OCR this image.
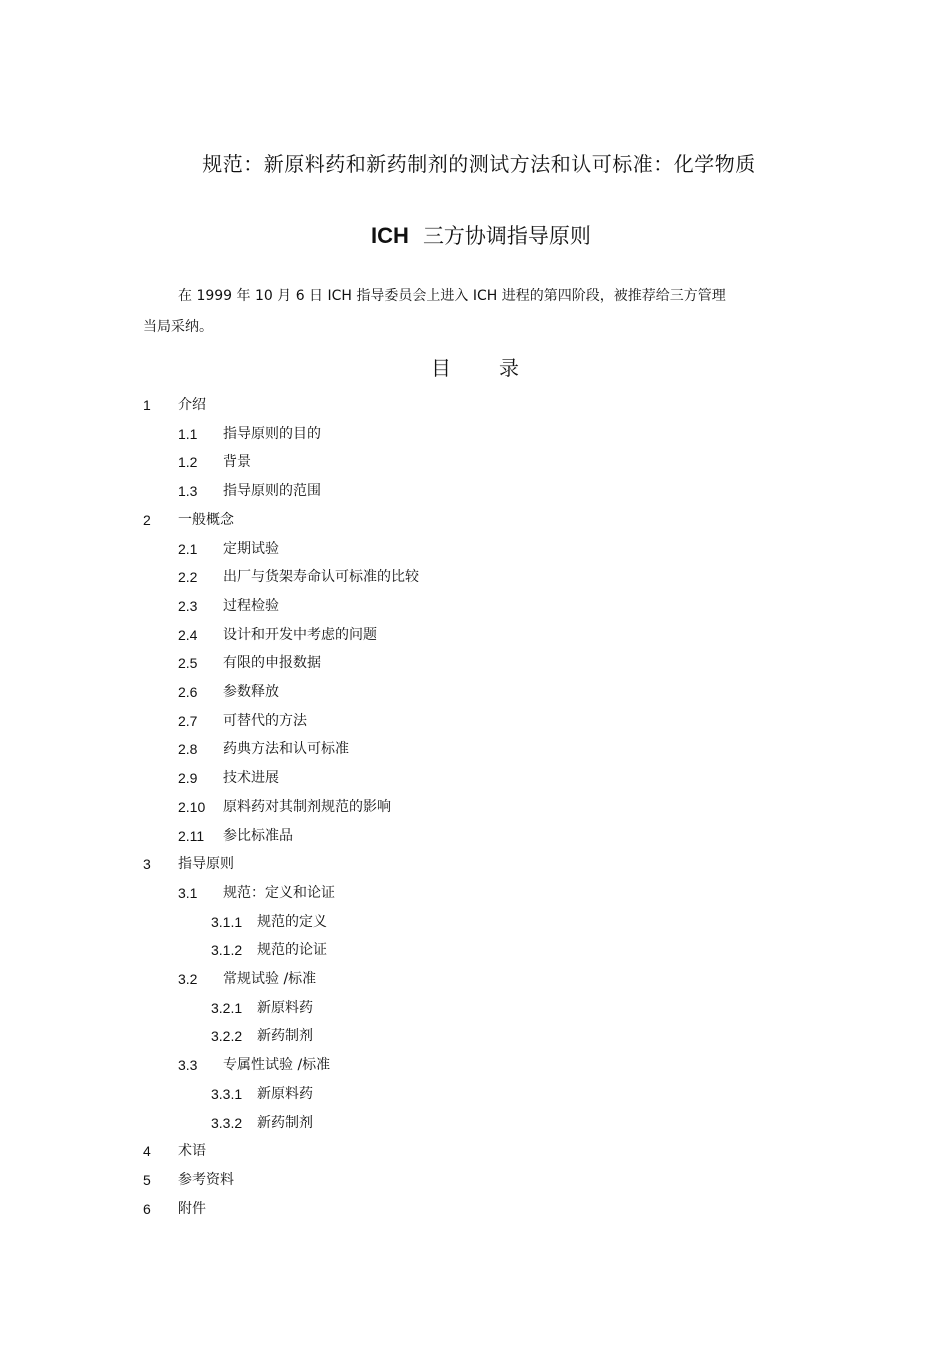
规范：新原料药和新药制剂的测试方法和认可标准：化学物质
ICH 三方协调指导原则
在 1999 年 10 月 6 日 ICH 指导委员会上进入 ICH 进程的第四阶段，被推荐给三方管理
当局采纳。
目录
1 介绍
1.1 指导原则的目的
1.2 背景
1.3 指导原则的范围
2 一般概念
2.1 定期试验
2.2 出厂与货架寿命认可标准的比较
2.3 过程检验
2.4 设计和开发中考虑的问题
2.5 有限的申报数据
2.6 参数释放
2.7 可替代的方法
2.8 药典方法和认可标准
2.9 技术进展
2.10 原料药对其制剂规范的影响
2.11 参比标准品
3 指导原则
3.1 规范：定义和论证
3.1.1 规范的定义
3.1.2 规范的论证
3.2 常规试验 /标准
3.2.1 新原料药
3.2.2 新药制剂
3.3 专属性试验 /标准
3.3.1 新原料药
3.3.2 新药制剂
4 术语
5 参考资料
6 附件
